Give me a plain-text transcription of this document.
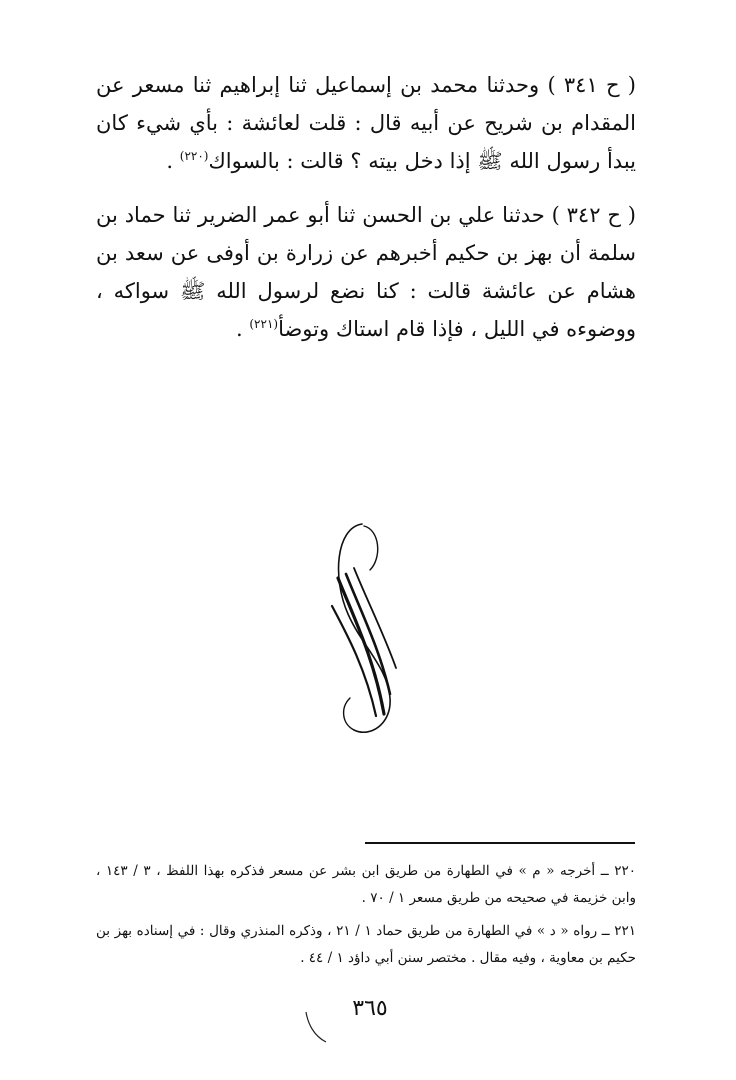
( ح ٣٤١ ) وحدثنا محمد بن إسماعيل ثنا إبراهيم ثنا مسعر عن المقدام بن شريح عن أبيه قال : قلت لعائشة : بأي شيء كان يبدأ رسول الله ﷺ إذا دخل بيته ؟ قالت : بالسواك$^{(٢٢٠)}$ .

( ح ٣٤٢ ) حدثنا علي بن الحسن ثنا أبو عمر الضرير ثنا حماد بن سلمة أن بهز بن حكيم أخبرهم عن زرارة بن أوفى عن سعد بن هشام عن عائشة قالت : كنا نضع لرسول الله ﷺ سواكه ، ووضوءه في الليل ، فإذا قام استاك وتوضأ$^{(٢٢١)}$ .

٢٢٠ ــ أخرجه « م » في الطهارة من طريق ابن بشر عن مسعر فذكره بهذا اللفظ ، ٣ / ١٤٣ ، وابن خزيمة في صحيحه من طريق مسعر ١ / ٧٠ .

٢٢١ ــ رواه « د » في الطهارة من طريق حماد ١ / ٢١ ، وذكره المنذري وقال : في إسناده بهز بن حكيم بن معاوية ، وفيه مقال . مختصر سنن أبي داؤد ١ / ٤٤ .

٣٦٥
